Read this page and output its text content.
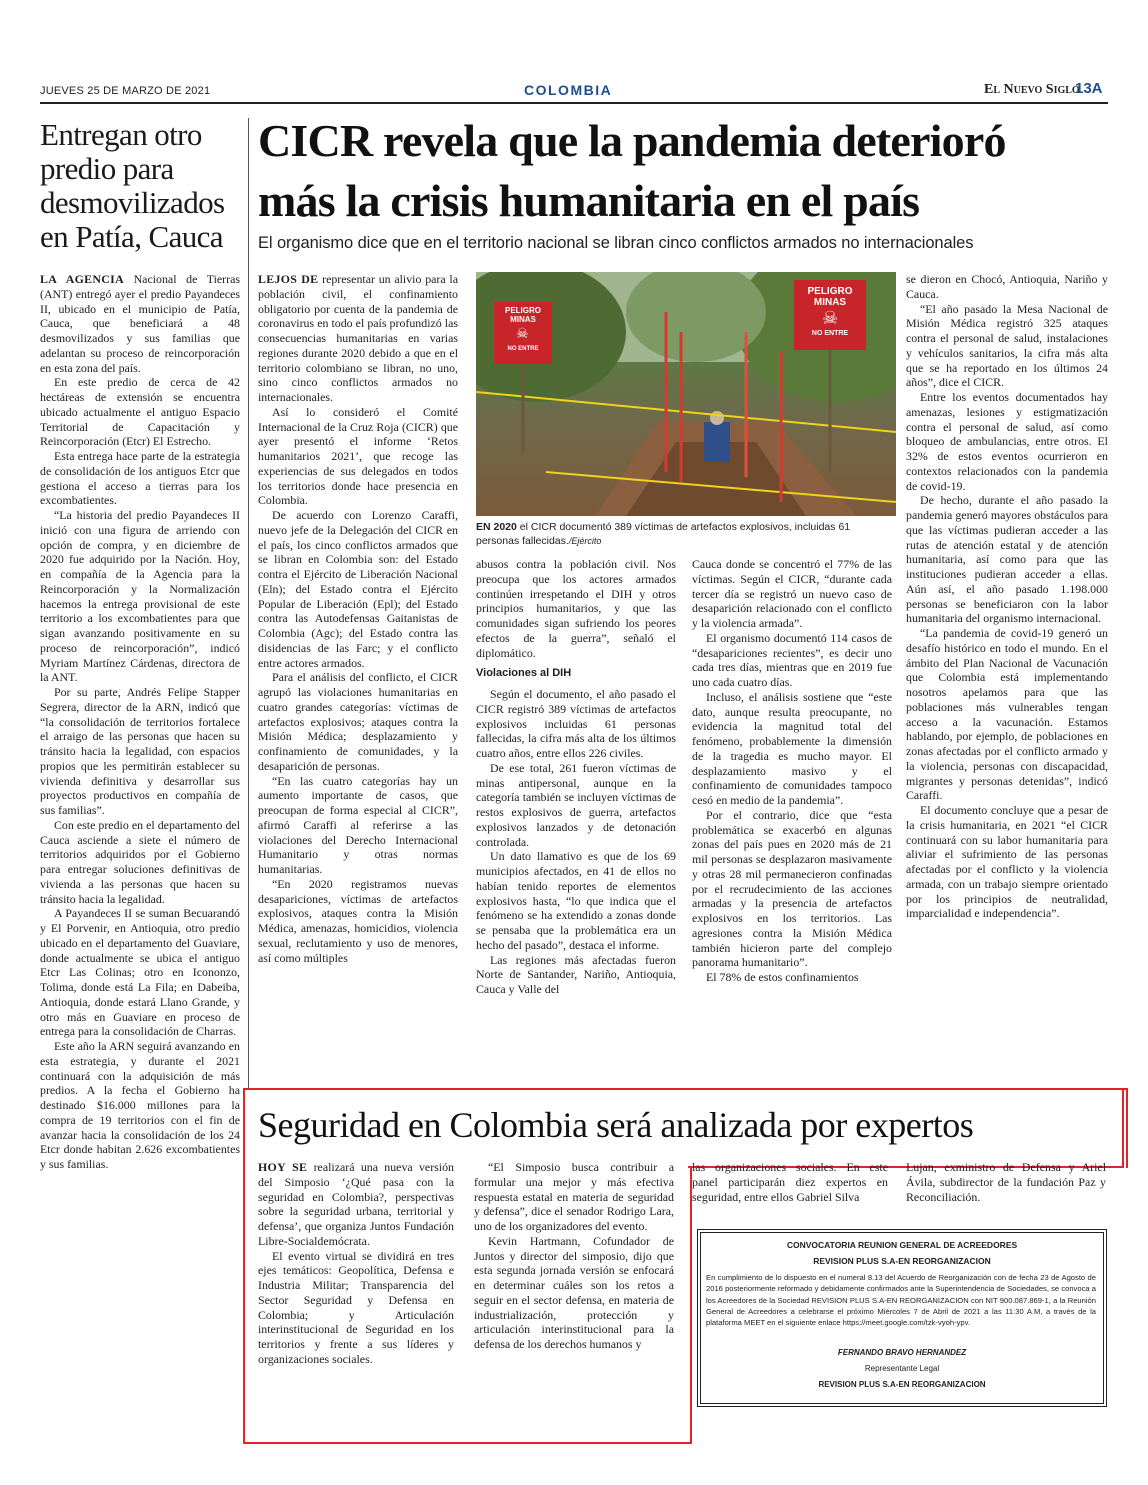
JUEVES 25 DE MARZO DE 2021	COLOMBIA	El Nuevo Siglo
13A
Entregan otro predio para desmovilizados en Patía, Cauca
CICR revela que la pandemia deterioró
más la crisis humanitaria en el país
El organismo dice que en el territorio nacional se libran cinco conflictos armados no internacionales

LA AGENCIA Nacional de Tierras (ANT) entregó ayer el predio Payandeces II, ubicado en el municipio de Patía, Cauca, que beneficiará a 48 desmovilizados y sus familias que adelantan su proceso de reincorporación en esta zona del país.

En este predio de cerca de 42 hectáreas de extensión se encuentra ubicado actualmente el antiguo Espacio Territorial de Capacitación y Reincorporación (Etcr) El Estrecho.

Esta entrega hace parte de la estrategia de consolidación de los antiguos Etcr que gestiona el acceso a tierras para los excombatientes.

“La historia del predio Payandeces II inició con una figura de arriendo con opción de compra, y en diciembre de 2020 fue adquirido por la Nación. Hoy, en compañía de la Agencia para la Reincorporación y la Normalización hacemos la entrega provisional de este territorio a los excombatientes para que sigan avanzando positivamente en su proceso de reincorporación”, indicó Myriam Martínez Cárdenas, directora de la ANT.

Por su parte, Andrés Felipe Stapper Segrera, director de la ARN, indicó que “la consolidación de territorios fortalece el arraigo de las personas que hacen su tránsito hacia la legalidad, con espacios propios que les permitirán establecer su vivienda definitiva y desarrollar sus proyectos productivos en compañía de sus familias”.

Con este predio en el departamento del Cauca asciende a siete el número de territorios adquiridos por el Gobierno para entregar soluciones definitivas de vivienda a las personas que hacen su tránsito hacia la legalidad.

A Payandeces II se suman Becuarandó y El Porvenir, en Antioquia, otro predio ubicado en el departamento del Guaviare, donde actualmente se ubica el antiguo Etcr Las Colinas; otro en Icononzo, Tolima, donde está La Fila; en Dabeiba, Antioquia, donde estará Llano Grande, y otro más en Guaviare en proceso de entrega para la consolidación de Charras.

Este año la ARN seguirá avanzando en esta estrategia, y durante el 2021 continuará con la adquisición de más predios. A la fecha el Gobierno ha destinado $16.000 millones para la compra de 19 territorios con el fin de avanzar hacia la consolidación de los 24 Etcr donde habitan 2.626 excombatientes y sus familias.

LEJOS DE representar un alivio para la población civil, el confinamiento obligatorio por cuenta de la pandemia de coronavirus en todo el país profundizó las consecuencias humanitarias en varias regiones durante 2020 debido a que en el territorio colombiano se libran, no uno, sino cinco conflictos armados no internacionales.

Así lo consideró el Comité Internacional de la Cruz Roja (CICR) que ayer presentó el informe ‘Retos humanitarios 2021’, que recoge las experiencias de sus delegados en todos los territorios donde hace presencia en Colombia.

De acuerdo con Lorenzo Caraffi, nuevo jefe de la Delegación del CICR en el país, los cinco conflictos armados que se libran en Colombia son: del Estado contra el Ejército de Liberación Nacional (Eln); del Estado contra el Ejército Popular de Liberación (Epl); del Estado contra las Autodefensas Gaitanistas de Colombia (Agc); del Estado contra las disidencias de las Farc; y el conflicto entre actores armados.

Para el análisis del conflicto, el CICR agrupó las violaciones humanitarias en cuatro grandes categorías: víctimas de artefactos explosivos; ataques contra la Misión Médica; desplazamiento y confinamiento de comunidades, y la desaparición de personas.

“En las cuatro categorías hay un aumento importante de casos, que preocupan de forma especial al CICR”, afirmó Caraffi al referirse a las violaciones del Derecho Internacional Humanitario y otras normas humanitarias.

“En 2020 registramos nuevas desapariciones, víctimas de artefactos explosivos, ataques contra la Misión Médica, amenazas, homicidios, violencia sexual, reclutamiento y uso de menores, así como múltiples

PELIGRO MINAS
NO ENTRE
PELIGRO MINAS
NO ENTRE
☠
☠
EN 2020 el CICR documentó 389 víctimas de artefactos explosivos, incluidas 61 personas fallecidas./Ejército

abusos contra la población civil. Nos preocupa que los actores armados continúen irrespetando el DIH y otros principios humanitarios, y que las comunidades sigan sufriendo los peores efectos de la guerra”, señaló el diplomático.

Violaciones al DIH

Según el documento, el año pasado el CICR registró 389 víctimas de artefactos explosivos incluidas 61 personas fallecidas, la cifra más alta de los últimos cuatro años, entre ellos 226 civiles.

De ese total, 261 fueron víctimas de minas antipersonal, aunque en la categoría también se incluyen víctimas de restos explosivos de guerra, artefactos explosivos lanzados y de detonación controlada.

Un dato llamativo es que de los 69 municipios afectados, en 41 de ellos no habían tenido reportes de elementos explosivos hasta, “lo que indica que el fenómeno se ha extendido a zonas donde se pensaba que la problemática era un hecho del pasado”, destaca el informe.

Las regiones más afectadas fueron Norte de Santander, Nariño, Antioquia, Cauca y Valle del

Cauca donde se concentró el 77% de las víctimas. Según el CICR, “durante cada tercer día se registró un nuevo caso de desaparición relacionado con el conflicto y la violencia armada”.

El organismo documentó 114 casos de “desapariciones recientes”, es decir uno cada tres días, mientras que en 2019 fue uno cada cuatro días.

Incluso, el análisis sostiene que “este dato, aunque resulta preocupante, no evidencia la magnitud total del fenómeno, probablemente la dimensión de la tragedia es mucho mayor. El desplazamiento masivo y el confinamiento de comunidades tampoco cesó en medio de la pandemia”.

Por el contrario, dice que “esta problemática se exacerbó en algunas zonas del país pues en 2020 más de 21 mil personas se desplazaron masivamente y otras 28 mil permanecieron confinadas por el recrudecimiento de las acciones armadas y la presencia de artefactos explosivos en los territorios. Las agresiones contra la Misión Médica también hicieron parte del complejo panorama humanitario”.

El 78% de estos confinamientos

se dieron en Chocó, Antioquia, Nariño y Cauca.

“El año pasado la Mesa Nacional de Misión Médica registró 325 ataques contra el personal de salud, instalaciones y vehículos sanitarios, la cifra más alta que se ha reportado en los últimos 24 años”, dice el CICR.

Entre los eventos documentados hay amenazas, lesiones y estigmatización contra el personal de salud, así como bloqueo de ambulancias, entre otros. El 32% de estos eventos ocurrieron en contextos relacionados con la pandemia de covid-19.

De hecho, durante el año pasado la pandemia generó mayores obstáculos para que las víctimas pudieran acceder a las rutas de atención estatal y de atención humanitaria, así como para que las instituciones pudieran acceder a ellas. Aún así, el año pasado 1.198.000 personas se beneficiaron con la labor humanitaria del organismo internacional.

“La pandemia de covid-19 generó un desafío histórico en todo el mundo. En el ámbito del Plan Nacional de Vacunación que Colombia está implementando nosotros apelamos para que las poblaciones más vulnerables tengan acceso a la vacunación. Estamos hablando, por ejemplo, de poblaciones en zonas afectadas por el conflicto armado y la violencia, personas con discapacidad, migrantes y personas detenidas”, indicó Caraffi.

El documento concluye que a pesar de la crisis humanitaria, en 2021 “el CICR continuará con su labor humanitaria para aliviar el sufrimiento de las personas afectadas por el conflicto y la violencia armada, con un trabajo siempre orientado por los principios de neutralidad, imparcialidad e independencia”.

Seguridad en Colombia será analizada por expertos

HOY SE realizará una nueva versión del Simposio ‘¿Qué pasa con la seguridad en Colombia?, perspectivas sobre la seguridad urbana, territorial y defensa’, que organiza Juntos Fundación Libre-Socialdemócrata.

El evento virtual se dividirá en tres ejes temáticos: Geopolítica, Defensa e Industria Militar; Transparencia del Sector Seguridad y Defensa en Colombia; y Articulación interinstitucional de Seguridad en los territorios y frente a sus líderes y organizaciones sociales.

“El Simposio busca contribuir a formular una mejor y más efectiva respuesta estatal en materia de seguridad y defensa”, dice el senador Rodrigo Lara, uno de los organizadores del evento.

Kevin Hartmann, Cofundador de Juntos y director del simposio, dijo que esta segunda jornada versión se enfocará en determinar cuáles son los retos a seguir en el sector defensa, en materia de industrialización, protección y articulación interinstitucional para la defensa de los derechos humanos y

las organizaciones sociales. En este panel participarán diez expertos en seguridad, entre ellos Gabriel Silva

Lujan, exministro de Defensa y Ariel Ávila, subdirector de la fundación Paz y Reconciliación.

CONVOCATORIA REUNION GENERAL DE ACREEDORES
REVISION PLUS S.A-EN REORGANIZACION
En cumplimiento de lo dispuesto en el numeral 8.13 del Acuerdo de Reorganización con de fecha 23 de Agosto de 2016 posteriormente reformado y debidamente confirmados ante la Superintendencia de Sociedades, se convoca a los Acreedores de la Sociedad REVISION PLUS S.A-EN REORGANIZACION con NIT 900.087.869-1, a la Reunión General de Acreedores a celebrarse el próximo Miércoles 7 de Abril de 2021 a las 11:30 A.M, a través de la plataforma MEET en el siguiente enlace https://meet.google.com/tzk-vyoh-ypv.
FERNANDO BRAVO HERNANDEZ
Representante Legal
REVISION PLUS S.A-EN REORGANIZACION
